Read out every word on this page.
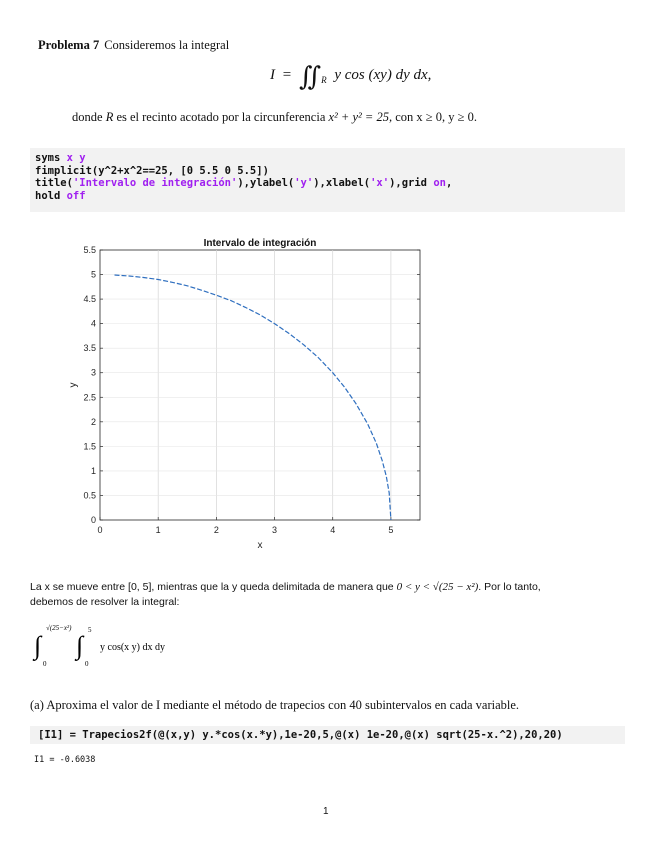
Problema 7 Consideremos la integral
I = ∬ $_R$ y cos (xy) dy dx,
donde R es el recinto acotado por la circunferencia x² + y² = 25, con x ≥ 0, y ≥ 0.
syms x y
fimplicit(y^2+x^2==25, [0 5.5 0 5.5])
title('Intervalo de integración'),ylabel('y'),xlabel('x'),grid on,
hold off
0	1	2	3	4	5
0
0.5
1
1.5
2
2.5
3
3.5
4
4.5
5
5.5
Intervalo de integración
x
y
La x se mueve entre [0, 5], mientras que la y queda delimitada de manera que 0 < y < √(25 − x²). Por lo tanto,
debemos de resolver la integral:
∫
√(25−x²)
0
∫
5
0
y cos(x y) dx dy
(a) Aproxima el valor de I mediante el método de trapecios con 40 subintervalos en cada variable.
[I1] = Trapecios2f(@(x,y) y.*cos(x.*y),1e-20,5,@(x) 1e-20,@(x) sqrt(25-x.^2),20,20)
I1 = -0.6038
1
